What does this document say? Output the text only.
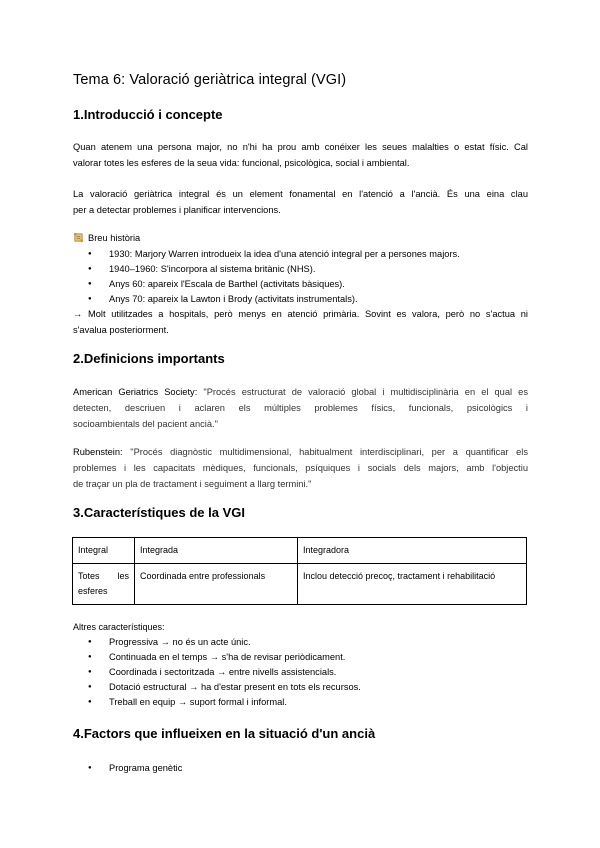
Tema 6: Valoració geriàtrica integral (VGI)
1.Introducció i concepte

Quan atenem una persona major, no n'hi ha prou amb conéixer les seues malalties o estat físic. Cal
valorar totes les esferes de la seua vida: funcional, psicològica, social i ambiental.

La valoració geriàtrica integral és un element fonamental en l'atenció a l'ancià. És una eina clau
per a detectar problemes i planificar intervencions.

Breu història
1930: Marjory Warren introdueix la idea d'una atenció integral per a persones majors.
1940–1960: S'incorpora al sistema britànic (NHS).
Anys 60: apareix l'Escala de Barthel (activitats bàsiques).
Anys 70: apareix la Lawton i Brody (activitats instrumentals).

→ Molt utilitzades a hospitals, però menys en atenció primària. Sovint es valora, però no s'actua ni
s'avalua posteriorment.

2.Definicions importants

American Geriatrics Society: "Procés estructurat de valoració global i multidisciplinària en el qual es
detecten, descriuen i aclaren els múltiples problemes físics, funcionals, psicològics i
socioambientals del pacient ancià."

Rubenstein: "Procés diagnòstic multidimensional, habitualment interdisciplinari, per a quantificar els
problemes i les capacitats mèdiques, funcionals, psíquiques i socials dels majors, amb l'objectiu
de traçar un pla de tractament i seguiment a llarg termini."

3.Característiques de la VGI
Integral	Integrada	Integradora
Totes les esferes	Coordinada entre professionals	Inclou detecció precoç, tractament i rehabilitació
Altres característiques:
Progressiva → no és un acte únic.
Continuada en el temps → s'ha de revisar periòdicament.
Coordinada i sectoritzada → entre nivells assistencials.
Dotació estructural → ha d'estar present en tots els recursos.
Treball en equip → suport formal i informal.
4.Factors que influeixen en la situació d'un ancià
Programa genètic
